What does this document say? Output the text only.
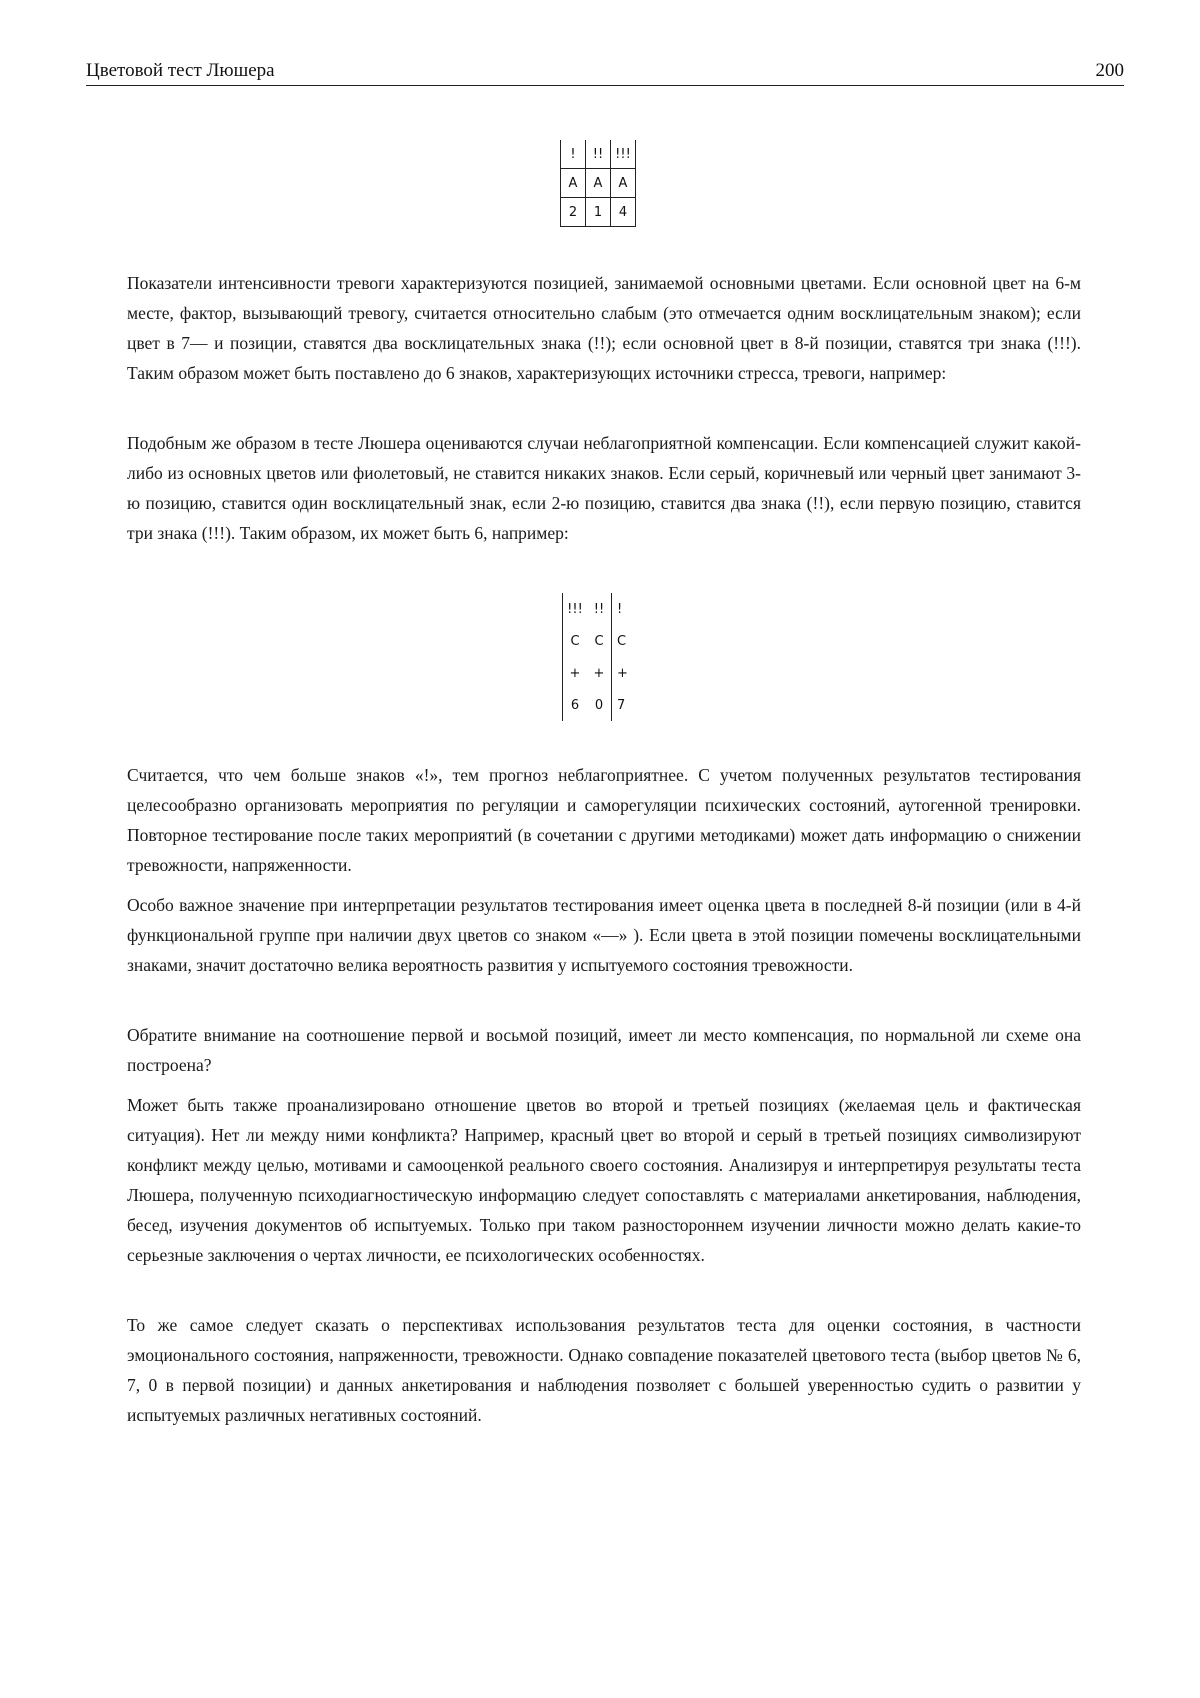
Цветовой тест Люшера	200
!	!!	!!!
A	A	A
2	1	4

Показатели интенсивности тревоги характеризуются позицией, занимаемой основными цветами. Если основной цвет на 6-м месте, фактор, вызывающий тревогу, считается относительно слабым (это отмечается одним восклицательным знаком); если цвет в 7— и позиции, ставятся два восклицательных знака (!!); если основной цвет в 8-й позиции, ставятся три знака (!!!). Таким образом может быть поставлено до 6 знаков, характеризующих источники стресса, тревоги, например:

Подобным же образом в тесте Люшера оцениваются случаи неблагоприятной компенсации. Если компенсацией служит какой-либо из основных цветов или фиолетовый, не ставится никаких знаков. Если серый, коричневый или черный цвет занимают 3-ю позицию, ставится один восклицательный знак, если 2-ю позицию, ставится два знака (!!), если первую позицию, ставится три знака (!!!). Таким образом, их может быть 6, например:

!!!	!!	!
C	C	C
+	+	+
6	0	7

Считается, что чем больше знаков «!», тем прогноз неблагоприятнее. С учетом полученных результатов тестирования целесообразно организовать мероприятия по регуляции и саморегуляции психических состояний, аутогенной тренировки. Повторное тестирование после таких мероприятий (в сочетании с другими методиками) может дать информацию о снижении тревожности, напряженности.

Особо важное значение при интерпретации результатов тестирования имеет оценка цвета в последней 8-й позиции (или в 4-й функциональной группе при наличии двух цветов со знаком «—» ). Если цвета в этой позиции помечены восклицательными знаками, значит достаточно велика вероятность развития у испытуемого состояния тревожности.

Обратите внимание на соотношение первой и восьмой позиций, имеет ли место компенсация, по нормальной ли схеме она построена?

Может быть также проанализировано отношение цветов во второй и третьей позициях (желаемая цель и фактическая ситуация). Нет ли между ними конфликта? Например, красный цвет во второй и серый в третьей позициях символизируют конфликт между целью, мотивами и самооценкой реального своего состояния. Анализируя и интерпретируя результаты теста Люшера, полученную психодиагностическую информацию следует сопоставлять с материалами анкетирования, наблюдения, бесед, изучения документов об испытуемых. Только при таком разностороннем изучении личности можно делать какие-то серьезные заключения о чертах личности, ее психологических особенностях.

То же самое следует сказать о перспективах использования результатов теста для оценки состояния, в частности эмоционального состояния, напряженности, тревожности. Однако совпадение показателей цветового теста (выбор цветов № 6, 7, 0 в первой позиции) и данных анкетирования и наблюдения позволяет с большей уверенностью судить о развитии у испытуемых различных негативных состояний.
